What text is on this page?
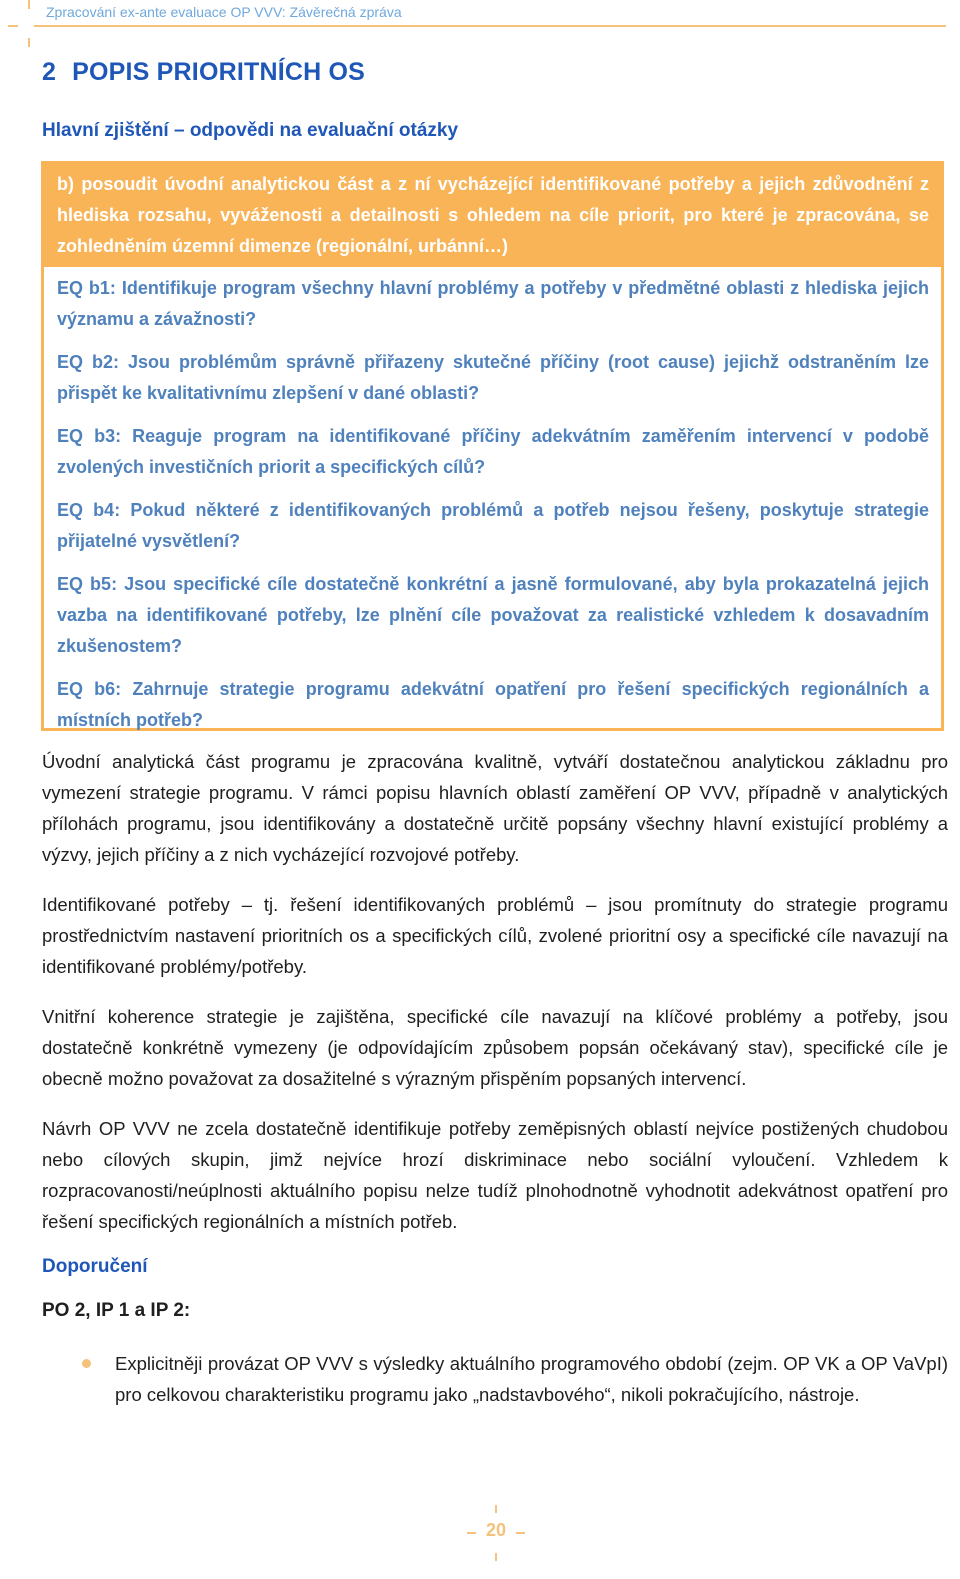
Zpracování ex-ante evaluace OP VVV: Závěrečná zpráva
2 POPIS PRIORITNÍCH OS
Hlavní zjištění – odpovědi na evaluační otázky
b) posoudit úvodní analytickou část a z ní vycházející identifikované potřeby a jejich zdůvodnění z hlediska rozsahu, vyváženosti a detailnosti s ohledem na cíle priorit, pro které je zpracována, se zohledněním územní dimenze (regionální, urbánní…)

EQ b1: Identifikuje program všechny hlavní problémy a potřeby v předmětné oblasti z hlediska jejich významu a závažnosti?

EQ b2: Jsou problémům správně přiřazeny skutečné příčiny (root cause) jejichž odstraněním lze přispět ke kvalitativnímu zlepšení v dané oblasti?

EQ b3: Reaguje program na identifikované příčiny adekvátním zaměřením intervencí v podobě zvolených investičních priorit a specifických cílů?

EQ b4: Pokud některé z identifikovaných problémů a potřeb nejsou řešeny, poskytuje strategie přijatelné vysvětlení?

EQ b5: Jsou specifické cíle dostatečně konkrétní a jasně formulované, aby byla prokazatelná jejich vazba na identifikované potřeby, lze plnění cíle považovat za realistické vzhledem k dosavadním zkušenostem?

EQ b6: Zahrnuje strategie programu adekvátní opatření pro řešení specifických regionálních a místních potřeb?

Úvodní analytická část programu je zpracována kvalitně, vytváří dostatečnou analytickou základnu pro vymezení strategie programu. V rámci popisu hlavních oblastí zaměření OP VVV, případně v analytických přílohách programu, jsou identifikovány a dostatečně určitě popsány všechny hlavní existující problémy a výzvy, jejich příčiny a z nich vycházející rozvojové potřeby.

Identifikované potřeby – tj. řešení identifikovaných problémů – jsou promítnuty do strategie programu prostřednictvím nastavení prioritních os a specifických cílů, zvolené prioritní osy a specifické cíle navazují na identifikované problémy/potřeby.

Vnitřní koherence strategie je zajištěna, specifické cíle navazují na klíčové problémy a potřeby, jsou dostatečně konkrétně vymezeny (je odpovídajícím způsobem popsán očekávaný stav), specifické cíle je obecně možno považovat za dosažitelné s výrazným přispěním popsaných intervencí.

Návrh OP VVV ne zcela dostatečně identifikuje potřeby zeměpisných oblastí nejvíce postižených chudobou nebo cílových skupin, jimž nejvíce hrozí diskriminace nebo sociální vyloučení. Vzhledem k rozpracovanosti/neúplnosti aktuálního popisu nelze tudíž plnohodnotně vyhodnotit adekvátnost opatření pro řešení specifických regionálních a místních potřeb.

Doporučení
PO 2, IP 1 a IP 2:

Explicitněji provázat OP VVV s výsledky aktuálního programového období (zejm. OP VK a OP VaVpI) pro celkovou charakteristiku programu jako „nadstavbového“, nikoli pokračujícího, nástroje.

20
